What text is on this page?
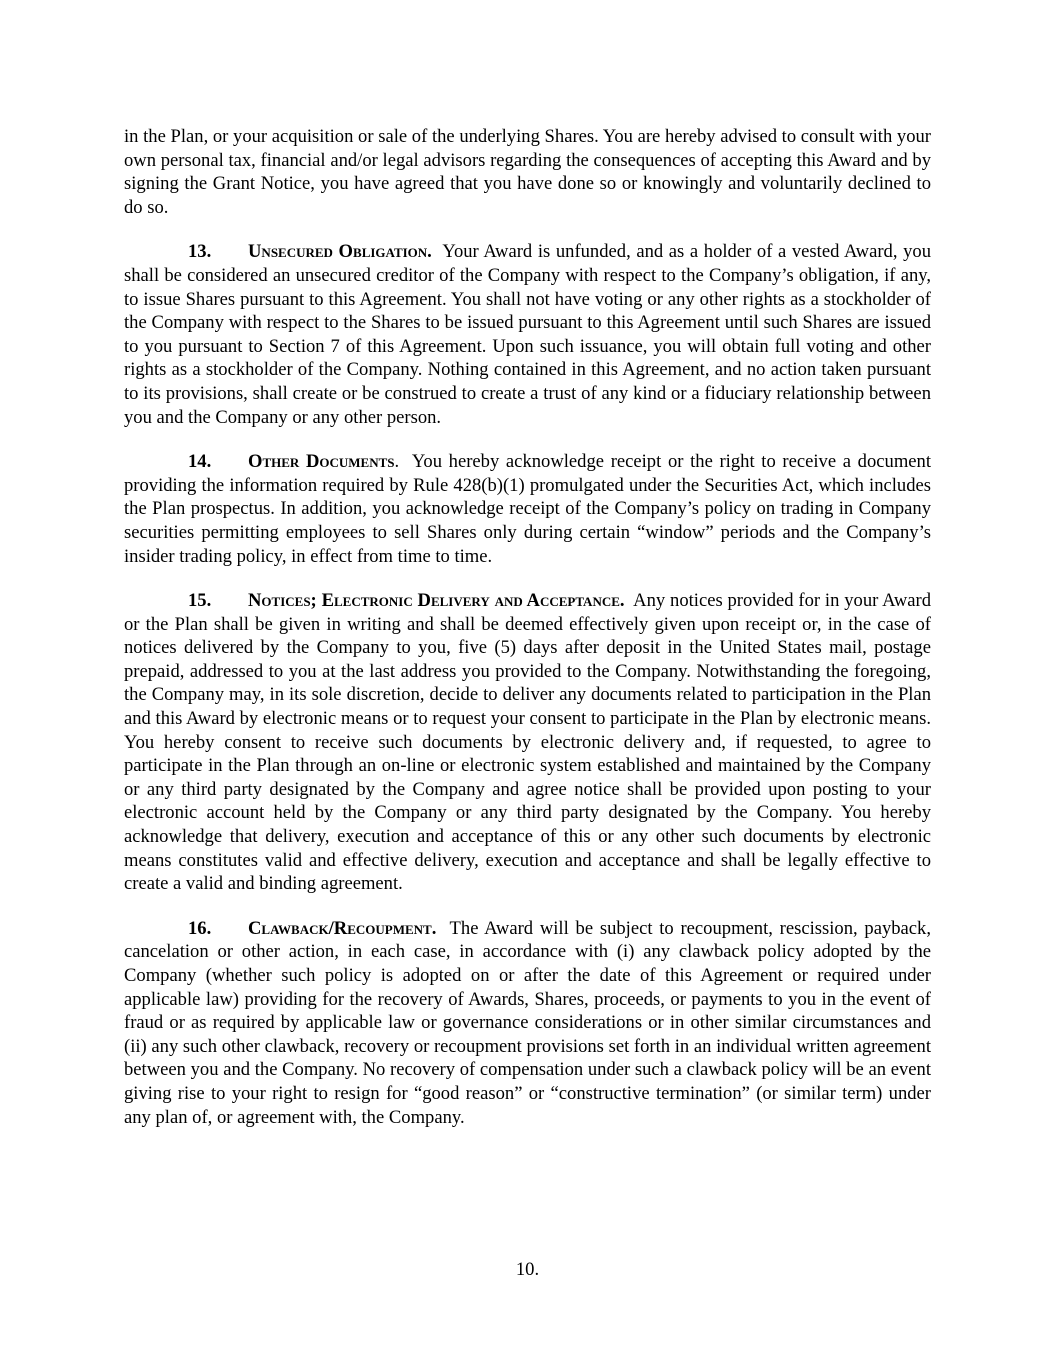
in the Plan, or your acquisition or sale of the underlying Shares. You are hereby advised to consult with your own personal tax, financial and/or legal advisors regarding the consequences of accepting this Award and by signing the Grant Notice, you have agreed that you have done so or knowingly and voluntarily declined to do so.

13. Unsecured Obligation. Your Award is unfunded, and as a holder of a vested Award, you shall be considered an unsecured creditor of the Company with respect to the Company’s obligation, if any, to issue Shares pursuant to this Agreement. You shall not have voting or any other rights as a stockholder of the Company with respect to the Shares to be issued pursuant to this Agreement until such Shares are issued to you pursuant to Section 7 of this Agreement. Upon such issuance, you will obtain full voting and other rights as a stockholder of the Company. Nothing contained in this Agreement, and no action taken pursuant to its provisions, shall create or be construed to create a trust of any kind or a fiduciary relationship between you and the Company or any other person.

14. Other Documents. You hereby acknowledge receipt or the right to receive a document providing the information required by Rule 428(b)(1) promulgated under the Securities Act, which includes the Plan prospectus. In addition, you acknowledge receipt of the Company’s policy on trading in Company securities permitting employees to sell Shares only during certain “window” periods and the Company’s insider trading policy, in effect from time to time.

15. Notices; Electronic Delivery and Acceptance. Any notices provided for in your Award or the Plan shall be given in writing and shall be deemed effectively given upon receipt or, in the case of notices delivered by the Company to you, five (5) days after deposit in the United States mail, postage prepaid, addressed to you at the last address you provided to the Company. Notwithstanding the foregoing, the Company may, in its sole discretion, decide to deliver any documents related to participation in the Plan and this Award by electronic means or to request your consent to participate in the Plan by electronic means. You hereby consent to receive such documents by electronic delivery and, if requested, to agree to participate in the Plan through an on-line or electronic system established and maintained by the Company or any third party designated by the Company and agree notice shall be provided upon posting to your electronic account held by the Company or any third party designated by the Company. You hereby acknowledge that delivery, execution and acceptance of this or any other such documents by electronic means constitutes valid and effective delivery, execution and acceptance and shall be legally effective to create a valid and binding agreement.

16. Clawback/Recoupment. The Award will be subject to recoupment, rescission, payback, cancelation or other action, in each case, in accordance with (i) any clawback policy adopted by the Company (whether such policy is adopted on or after the date of this Agreement or required under applicable law) providing for the recovery of Awards, Shares, proceeds, or payments to you in the event of fraud or as required by applicable law or governance considerations or in other similar circumstances and (ii) any such other clawback, recovery or recoupment provisions set forth in an individual written agreement between you and the Company. No recovery of compensation under such a clawback policy will be an event giving rise to your right to resign for “good reason” or “constructive termination” (or similar term) under any plan of, or agreement with, the Company.

10.
